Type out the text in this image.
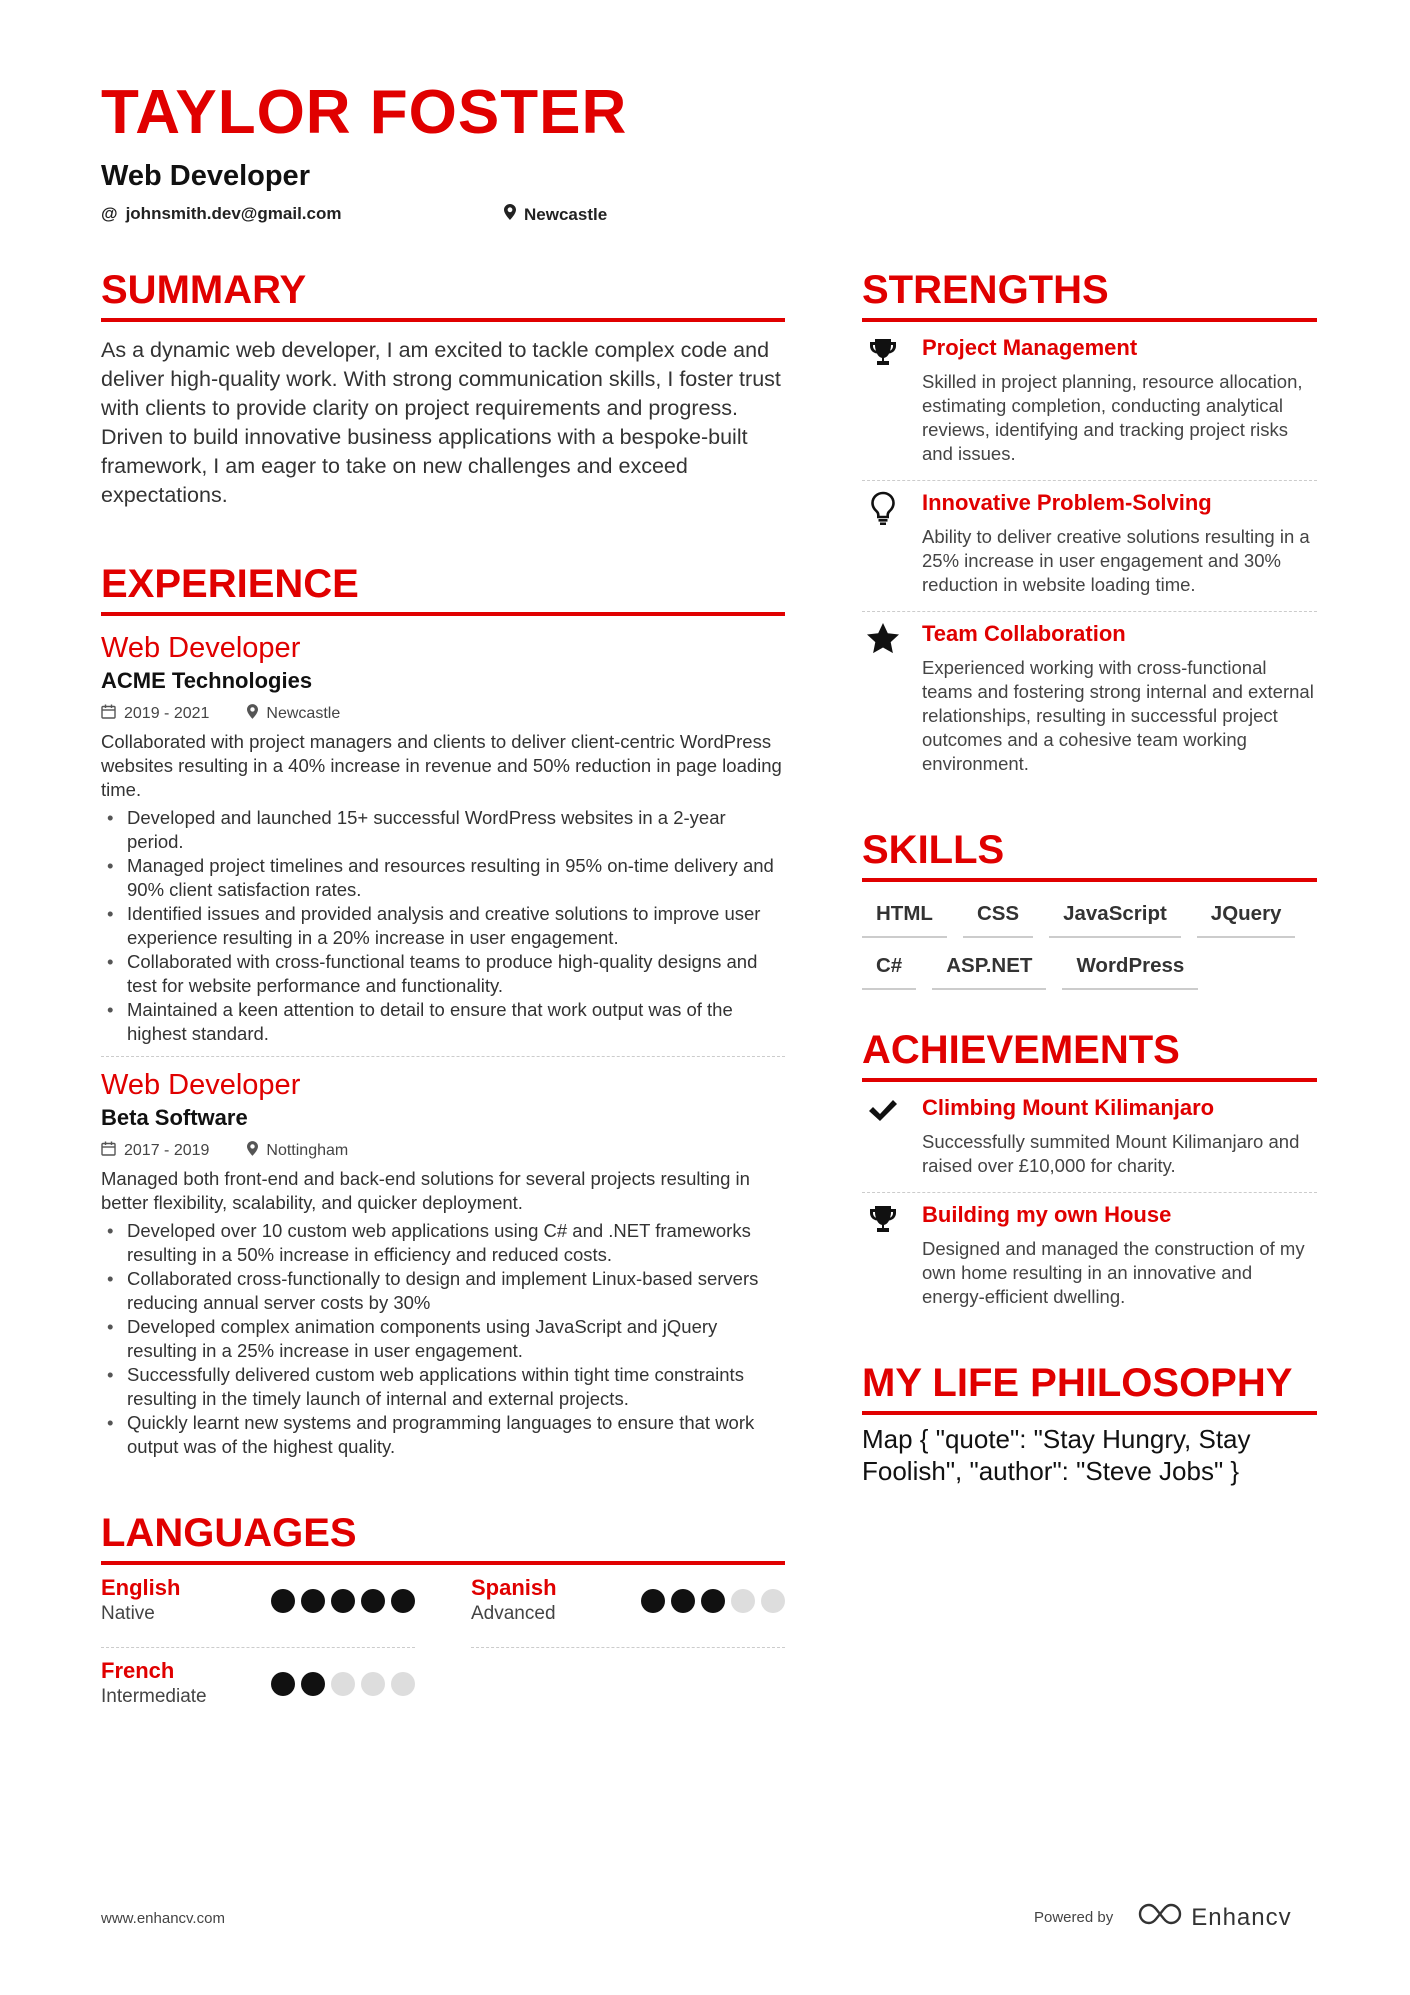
TAYLOR FOSTER
Web Developer
@ johnsmith.dev@gmail.com	Newcastle
SUMMARY

As a dynamic web developer, I am excited to tackle complex code and deliver high-quality work. With strong communication skills, I foster trust with clients to provide clarity on project requirements and progress. Driven to build innovative business applications with a bespoke-built framework, I am eager to take on new challenges and exceed expectations.

EXPERIENCE
Web Developer
ACME Technologies
2019 - 2021	Newcastle

Collaborated with project managers and clients to deliver client-centric WordPress websites resulting in a 40% increase in revenue and 50% reduction in page loading time.

• Developed and launched 15+ successful WordPress websites in a 2-year period.
• Managed project timelines and resources resulting in 95% on-time delivery and 90% client satisfaction rates.
• Identified issues and provided analysis and creative solutions to improve user experience resulting in a 20% increase in user engagement.
• Collaborated with cross-functional teams to produce high-quality designs and test for website performance and functionality.
• Maintained a keen attention to detail to ensure that work output was of the highest standard.
Web Developer
Beta Software
2017 - 2019	Nottingham

Managed both front-end and back-end solutions for several projects resulting in better flexibility, scalability, and quicker deployment.

• Developed over 10 custom web applications using C# and .NET frameworks resulting in a 50% increase in efficiency and reduced costs.
• Collaborated cross-functionally to design and implement Linux-based servers reducing annual server costs by 30%
• Developed complex animation components using JavaScript and jQuery resulting in a 25% increase in user engagement.
• Successfully delivered custom web applications within tight time constraints resulting in the timely launch of internal and external projects.
• Quickly learnt new systems and programming languages to ensure that work output was of the highest quality.
LANGUAGES
English
Native
Spanish
Advanced
French
Intermediate
STRENGTHS
Project Management
Skilled in project planning, resource allocation, estimating completion, conducting analytical reviews, identifying and tracking project risks and issues.
Innovative Problem-Solving
Ability to deliver creative solutions resulting in a 25% increase in user engagement and 30% reduction in website loading time.
Team Collaboration
Experienced working with cross-functional teams and fostering strong internal and external relationships, resulting in successful project outcomes and a cohesive team working environment.
SKILLS
HTML	CSS	JavaScript	JQuery
C#	ASP.NET	WordPress
ACHIEVEMENTS
Climbing Mount Kilimanjaro
Successfully summited Mount Kilimanjaro and raised over £10,000 for charity.
Building my own House
Designed and managed the construction of my own home resulting in an innovative and energy-efficient dwelling.
MY LIFE PHILOSOPHY
Map { "quote": "Stay Hungry, Stay Foolish", "author": "Steve Jobs" }
www.enhancv.com	Powered by	Enhancv
